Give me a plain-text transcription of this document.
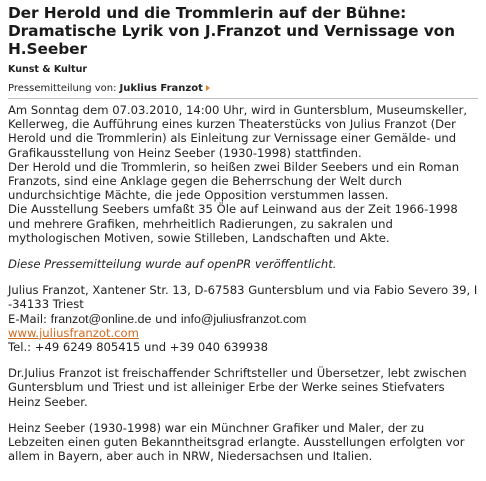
Der Herold und die Trommlerin auf der Bühne: Dramatische Lyrik von J.Franzot und Vernissage von H.Seeber
Kunst & Kultur
Pressemitteilung von: Juklius Franzot

Am Sonntag dem 07.03.2010, 14:00 Uhr, wird in Guntersblum, Museumskeller, Kellerweg, die Aufführung eines kurzen Theaterstücks von Julius Franzot (Der Herold und die Trommlerin) als Einleitung zur Vernissage einer Gemälde- und Grafikausstellung von Heinz Seeber (1930-1998) stattfinden.

Der Herold und die Trommlerin, so heißen zwei Bilder Seebers und ein Roman Franzots, sind eine Anklage gegen die Beherrschung der Welt durch undurchsichtige Mächte, die jede Opposition verstummen lassen.

Die Ausstellung Seebers umfaßt 35 Öle auf Leinwand aus der Zeit 1966-1998 und mehrere Grafiken, mehrheitlich Radierungen, zu sakralen und mythologischen Motiven, sowie Stilleben, Landschaften und Akte.

Diese Pressemitteilung wurde auf openPR veröffentlicht.

Julius Franzot, Xantener Str. 13, D-67583 Guntersblum und via Fabio Severo 39, I -34133 Triest

E-Mail: franzot@online.de und info@juliusfranzot.com

www.juliusfranzot.com

Tel.: +49 6249 805415 und +39 040 639938

Dr.Julius Franzot ist freischaffender Schriftsteller und Übersetzer, lebt zwischen Guntersblum und Triest und ist alleiniger Erbe der Werke seines Stiefvaters Heinz Seeber.

Heinz Seeber (1930-1998) war ein Münchner Grafiker und Maler, der zu Lebzeiten einen guten Bekanntheitsgrad erlangte. Ausstellungen erfolgten vor allem in Bayern, aber auch in NRW, Niedersachsen und Italien.
